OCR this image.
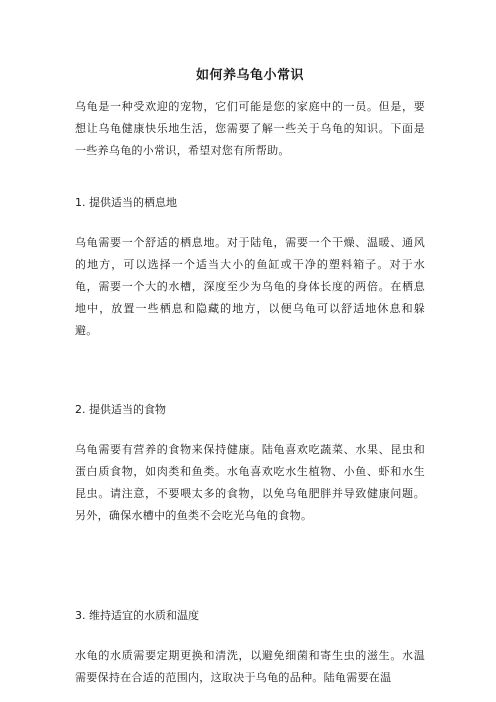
如何养乌龟小常识

乌龟是一种受欢迎的宠物，它们可能是您的家庭中的一员。但是，要想让乌龟健康快乐地生活，您需要了解一些关于乌龟的知识。下面是一些养乌龟的小常识，希望对您有所帮助。

1. 提供适当的栖息地

乌龟需要一个舒适的栖息地。对于陆龟，需要一个干燥、温暖、通风的地方，可以选择一个适当大小的鱼缸或干净的塑料箱子。对于水龟，需要一个大的水槽，深度至少为乌龟的身体长度的两倍。在栖息地中，放置一些栖息和隐藏的地方，以便乌龟可以舒适地休息和躲避。

2. 提供适当的食物

乌龟需要有营养的食物来保持健康。陆龟喜欢吃蔬菜、水果、昆虫和蛋白质食物，如肉类和鱼类。水龟喜欢吃水生植物、小鱼、虾和水生昆虫。请注意，不要喂太多的食物，以免乌龟肥胖并导致健康问题。另外，确保水槽中的鱼类不会吃光乌龟的食物。

3. 维持适宜的水质和温度

水龟的水质需要定期更换和清洗，以避免细菌和寄生虫的滋生。水温需要保持在合适的范围内，这取决于乌龟的品种。陆龟需要在温
